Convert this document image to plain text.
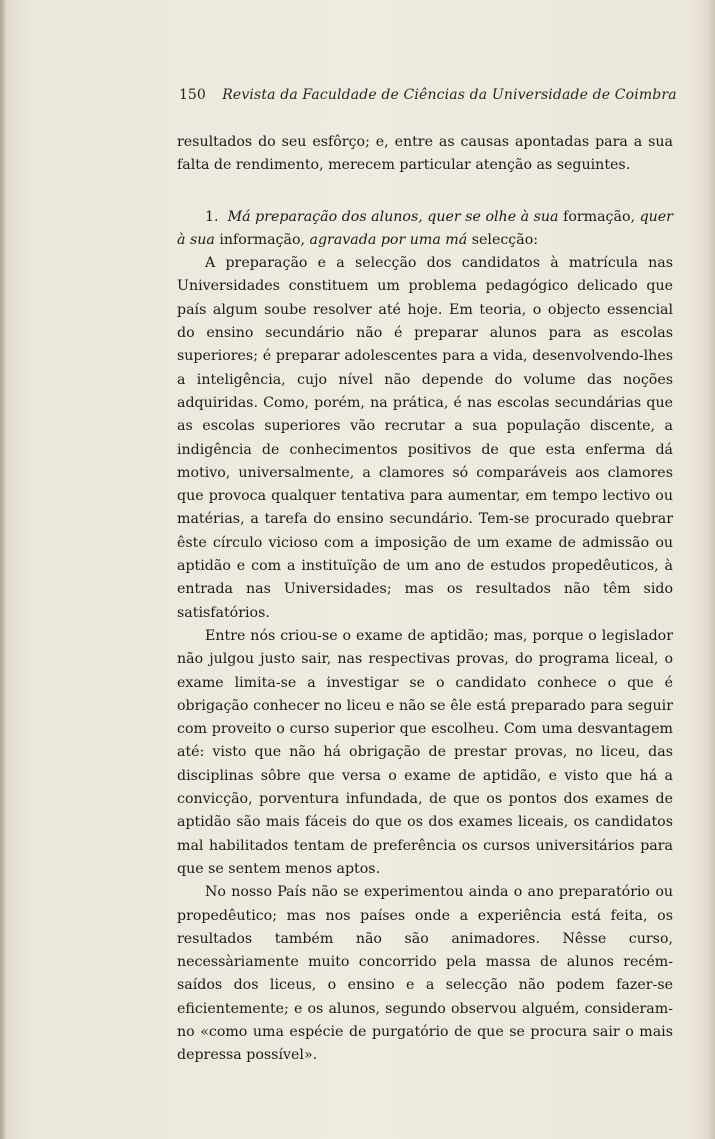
150 Revista da Faculdade de Ciências da Universidade de Coimbra

resultados do seu esfôrço; e, entre as causas apontadas para a sua falta de rendimento, merecem particular atenção as seguintes.

1. Má preparação dos alunos, quer se olhe à sua formação, quer à sua informação, agravada por uma má selecção:

A preparação e a selecção dos candidatos à matrícula nas Universidades constituem um problema pedagógico delicado que país algum soube resolver até hoje. Em teoria, o objecto essencial do ensino secundário não é preparar alunos para as escolas superiores; é preparar adolescentes para a vida, desenvolvendo-lhes a inteligência, cujo nível não depende do volume das noções adquiridas. Como, porém, na prática, é nas escolas secundárias que as escolas superiores vão recrutar a sua população discente, a indigência de conhecimentos positivos de que esta enferma dá motivo, universalmente, a clamores só comparáveis aos clamores que provoca qualquer tentativa para aumentar, em tempo lectivo ou matérias, a tarefa do ensino secundário. Tem-se procurado quebrar êste círculo vicioso com a imposição de um exame de admissão ou aptidão e com a instituïção de um ano de estudos propedêuticos, à entrada nas Universidades; mas os resultados não têm sido satisfatórios.

Entre nós criou-se o exame de aptidão; mas, porque o legislador não julgou justo sair, nas respectivas provas, do programa liceal, o exame limita-se a investigar se o candidato conhece o que é obrigação conhecer no liceu e não se êle está preparado para seguir com proveito o curso superior que escolheu. Com uma desvantagem até: visto que não há obrigação de prestar provas, no liceu, das disciplinas sôbre que versa o exame de aptidão, e visto que há a convicção, porventura infundada, de que os pontos dos exames de aptidão são mais fáceis do que os dos exames liceais, os candidatos mal habilitados tentam de preferência os cursos universitários para que se sentem menos aptos.

No nosso País não se experimentou ainda o ano preparatório ou propedêutico; mas nos países onde a experiência está feita, os resultados também não são animadores. Nêsse curso, necessàriamente muito concorrido pela massa de alunos recém-saídos dos liceus, o ensino e a selecção não podem fazer-se eficientemente; e os alunos, segundo observou alguém, consideram-no «como uma espécie de purgatório de que se procura sair o mais depressa possível».
